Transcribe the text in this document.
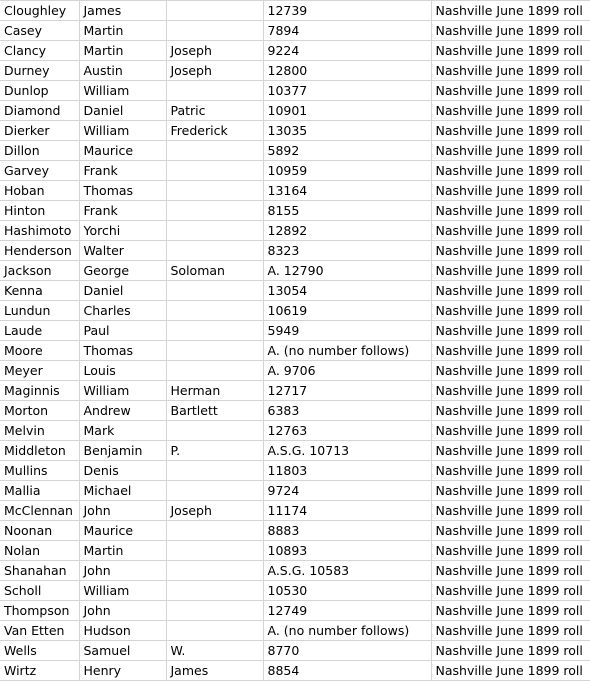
Cloughley	James		12739	Nashville June 1899 roll
Casey	Martin		7894	Nashville June 1899 roll
Clancy	Martin	Joseph	9224	Nashville June 1899 roll
Durney	Austin	Joseph	12800	Nashville June 1899 roll
Dunlop	William		10377	Nashville June 1899 roll
Diamond	Daniel	Patric	10901	Nashville June 1899 roll
Dierker	William	Frederick	13035	Nashville June 1899 roll
Dillon	Maurice		5892	Nashville June 1899 roll
Garvey	Frank		10959	Nashville June 1899 roll
Hoban	Thomas		13164	Nashville June 1899 roll
Hinton	Frank		8155	Nashville June 1899 roll
Hashimoto	Yorchi		12892	Nashville June 1899 roll
Henderson	Walter		8323	Nashville June 1899 roll
Jackson	George	Soloman	A. 12790	Nashville June 1899 roll
Kenna	Daniel		13054	Nashville June 1899 roll
Lundun	Charles		10619	Nashville June 1899 roll
Laude	Paul		5949	Nashville June 1899 roll
Moore	Thomas		A. (no number follows)	Nashville June 1899 roll
Meyer	Louis		A. 9706	Nashville June 1899 roll
Maginnis	William	Herman	12717	Nashville June 1899 roll
Morton	Andrew	Bartlett	6383	Nashville June 1899 roll
Melvin	Mark		12763	Nashville June 1899 roll
Middleton	Benjamin	P.	A.S.G. 10713	Nashville June 1899 roll
Mullins	Denis		11803	Nashville June 1899 roll
Mallia	Michael		9724	Nashville June 1899 roll
McClennan	John	Joseph	11174	Nashville June 1899 roll
Noonan	Maurice		8883	Nashville June 1899 roll
Nolan	Martin		10893	Nashville June 1899 roll
Shanahan	John		A.S.G. 10583	Nashville June 1899 roll
Scholl	William		10530	Nashville June 1899 roll
Thompson	John		12749	Nashville June 1899 roll
Van Etten	Hudson		A. (no number follows)	Nashville June 1899 roll
Wells	Samuel	W.	8770	Nashville June 1899 roll
Wirtz	Henry	James	8854	Nashville June 1899 roll
